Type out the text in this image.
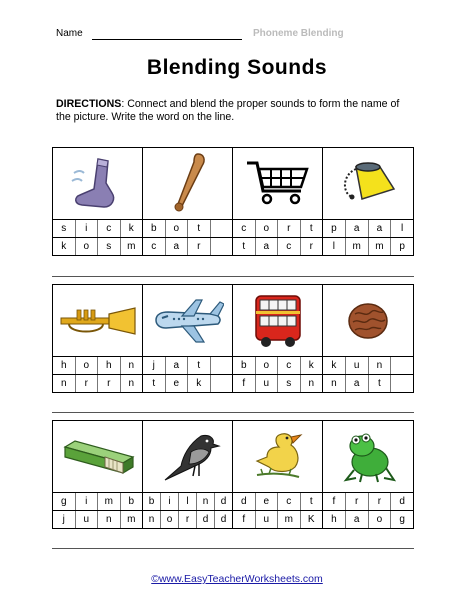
Name	Phoneme Blending
Blending Sounds
DIRECTIONS: Connect and blend the proper sounds to form the name of the picture. Write the word on the line.
s	i	c	k
k	o	s	m
b	o	t
c	a	r
c	o	r	t
t	a	c	r
p	a	a	l
l	m	m	p
h	o	h	n
n	r	r	n
j	a	t
t	e	k
b	o	c	k
f	u	s	n
k	u	n
n	a	t
g	i	m	b
j	u	n	m
b	i	l	n	d
n	o	r	d	d
d	e	c	t
f	u	m	K
f	r	r	d
h	a	o	g
©www.EasyTeacherWorksheets.com
